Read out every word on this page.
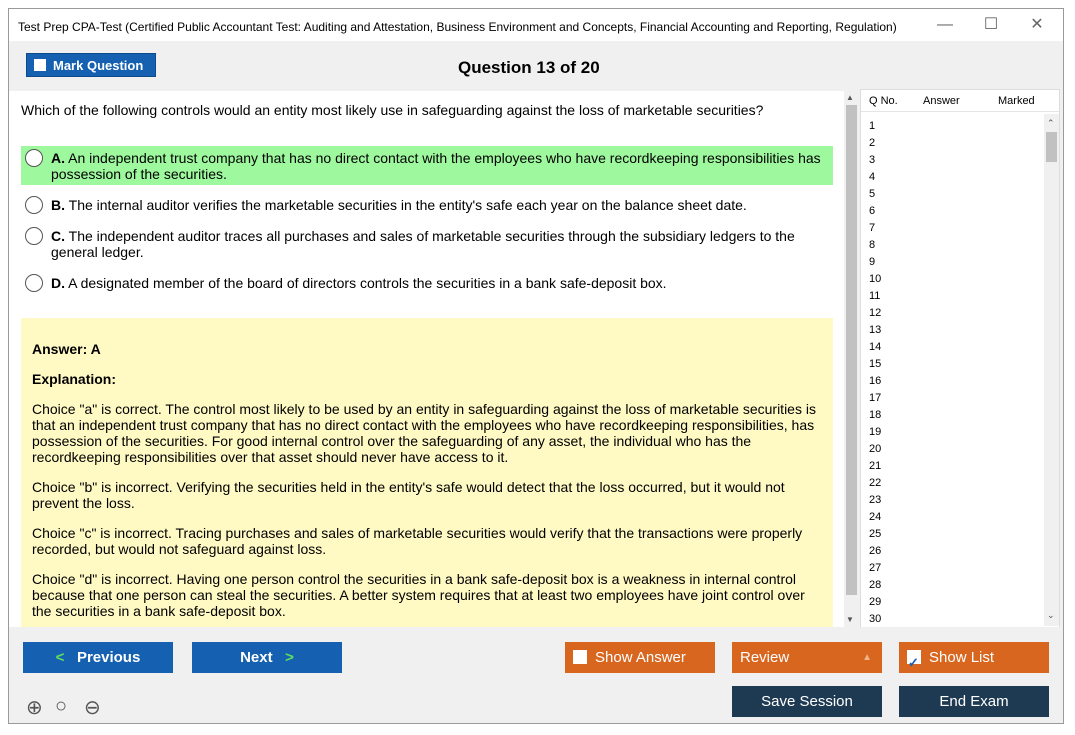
Test Prep CPA-Test (Certified Public Accountant Test: Auditing and Attestation, Business Environment and Concepts, Financial Accounting and Reporting, Regulation)	—	☐	✕
Mark Question	Question 13 of 20
Which of the following controls would an entity most likely use in safeguarding against the loss of marketable securities?
A. An independent trust company that has no direct contact with the employees who have recordkeeping responsibilities has possession of the securities.
B. The internal auditor verifies the marketable securities in the entity's safe each year on the balance sheet date.
C. The independent auditor traces all purchases and sales of marketable securities through the subsidiary ledgers to the general ledger.
D. A designated member of the board of directors controls the securities in a bank safe-deposit box.
Answer: A
Explanation:

Choice "a" is correct. The control most likely to be used by an entity in safeguarding against the loss of marketable securities is that an independent trust company that has no direct contact with the employees who have recordkeeping responsibilities, has possession of the securities. For good internal control over the safeguarding of any asset, the individual who has the recordkeeping responsibilities over that asset should never have access to it.

Choice "b" is incorrect. Verifying the securities held in the entity's safe would detect that the loss occurred, but it would not prevent the loss.

Choice "c" is incorrect. Tracing purchases and sales of marketable securities would verify that the transactions were properly recorded, but would not safeguard against loss.

Choice "d" is incorrect. Having one person control the securities in a bank safe-deposit box is a weakness in internal control because that one person can steal the securities. A better system requires that at least two employees have joint control over the securities in a bank safe-deposit box.

▲
▼
Q No. Answer	Marked
1
2
3
4
5
6
7
8
9
10
11
12
13
14
15
16
17
18
19
20
21
22
23
24
25
26
27
28
29
30
⌃
⌄
< Previous	Next >	Show Answer	Review	▲
✓	Show List
Save Session	End Exam
⊕ ○ ⊖
